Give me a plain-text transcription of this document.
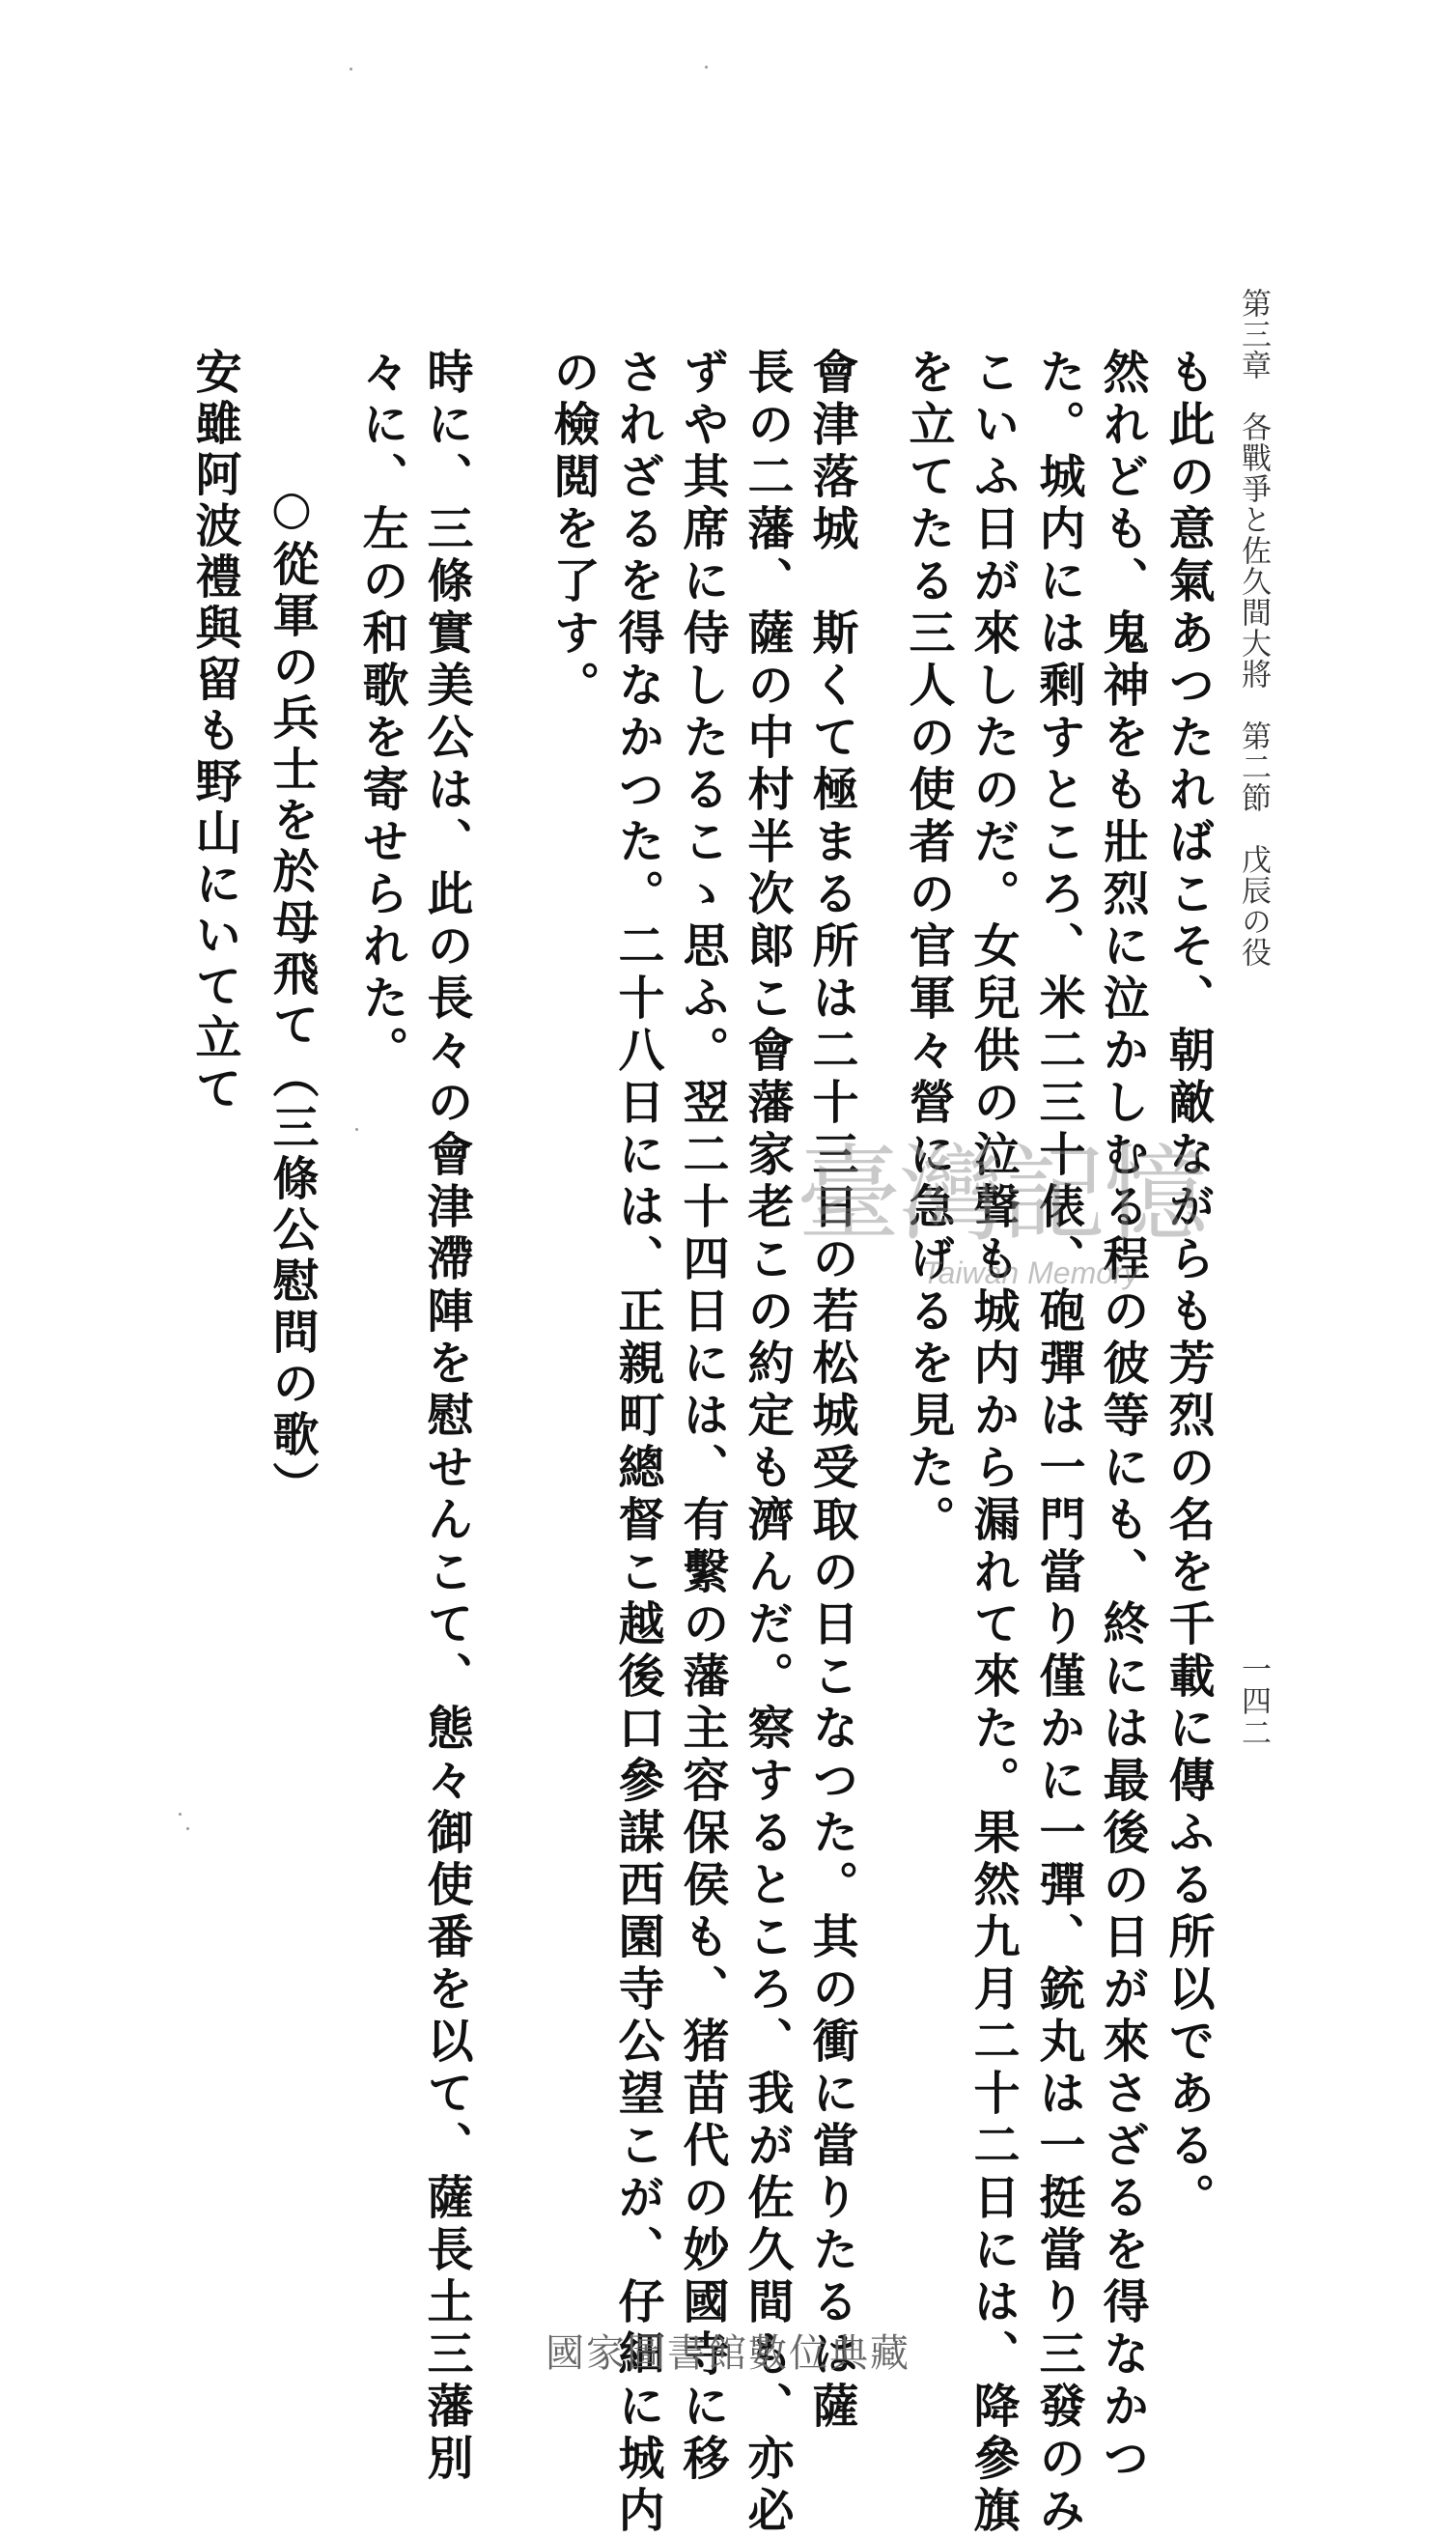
第三章　各戰爭と佐久間大將　第二節　戊辰の役
一四二
も此の意氣あつたればこそ、朝敵ながらも芳烈の名を千載に傳ふる所以である。
然れども、鬼神をも壯烈に泣かしむる程の彼等にも、終には最後の日が來さざるを得なかつ
た。城内には剩すところ、米二三十俵、砲彈は一門當り僅かに一彈、銃丸は一挺當り三發のみ
こいふ日が來したのだ。女兒供の泣聲も城内から漏れて來た。果然九月二十二日には、降參旗
を立てたる三人の使者の官軍々營に急げるを見た。
會津落城　斯くて極まる所は二十三日の若松城受取の日こなつた。其の衝に當りたるは薩
長の二藩、薩の中村半次郞こ會藩家老この約定も濟んだ。察するところ、我が佐久間も、亦必
ずや其席に侍したるこゝ思ふ。翌二十四日には、有繫の藩主容保侯も、猪苗代の妙國寺に移
されざるを得なかつた。二十八日には、正親町總督こ越後口參謀西園寺公望こが、仔細に城内
の檢閲を了す。
時に、三條實美公は、此の長々の會津滯陣を慰せんこて、態々御使番を以て、薩長土三藩別
々に、左の和歌を寄せられた。
○從軍の兵士を於母飛て（三條公慰問の歌）
安雖阿波禮與留も野山にいて立て
臺灣記憶
Taiwan Memory
國家圖書館數位典藏
